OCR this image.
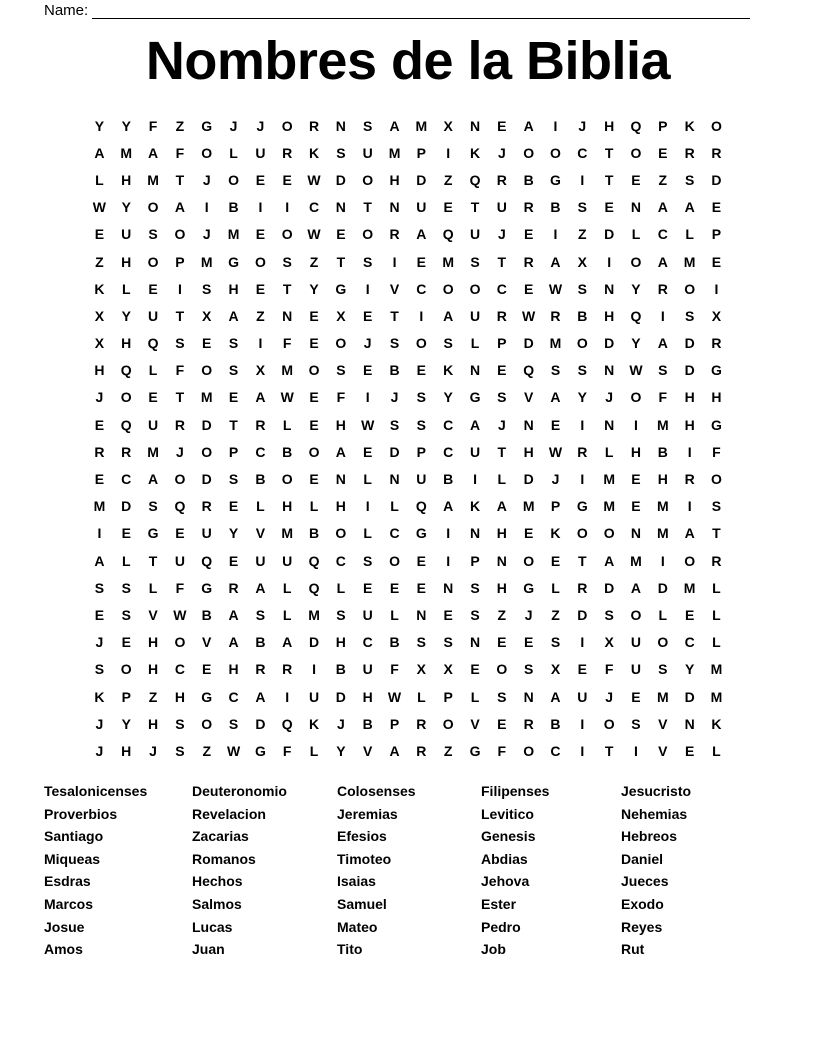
Name:
Nombres de la Biblia
Y	Y	F	Z	G	J	J	O	R	N	S	A	M	X	N	E	A	I	J	H	Q	P	K	O
A	M	A	F	O	L	U	R	K	S	U	M	P	I	K	J	O	O	C	T	O	E	R	R
L	H	M	T	J	O	E	E	W	D	O	H	D	Z	Q	R	B	G	I	T	E	Z	S	D
W	Y	O	A	I	B	I	I	C	N	T	N	U	E	T	U	R	B	S	E	N	A	A	E
E	U	S	O	J	M	E	O	W	E	O	R	A	Q	U	J	E	I	Z	D	L	C	L	P
Z	H	O	P	M	G	O	S	Z	T	S	I	E	M	S	T	R	A	X	I	O	A	M	E
K	L	E	I	S	H	E	T	Y	G	I	V	C	O	O	C	E	W	S	N	Y	R	O	I
X	Y	U	T	X	A	Z	N	E	X	E	T	I	A	U	R	W	R	B	H	Q	I	S	X
X	H	Q	S	E	S	I	F	E	O	J	S	O	S	L	P	D	M	O	D	Y	A	D	R
H	Q	L	F	O	S	X	M	O	S	E	B	E	K	N	E	Q	S	S	N	W	S	D	G
J	O	E	T	M	E	A	W	E	F	I	J	S	Y	G	S	V	A	Y	J	O	F	H	H
E	Q	U	R	D	T	R	L	E	H	W	S	S	C	A	J	N	E	I	N	I	M	H	G
R	R	M	J	O	P	C	B	O	A	E	D	P	C	U	T	H	W	R	L	H	B	I	F
E	C	A	O	D	S	B	O	E	N	L	N	U	B	I	L	D	J	I	M	E	H	R	O
M	D	S	Q	R	E	L	H	L	H	I	L	Q	A	K	A	M	P	G	M	E	M	I	S
I	E	G	E	U	Y	V	M	B	O	L	C	G	I	N	H	E	K	O	O	N	M	A	T
A	L	T	U	Q	E	U	U	Q	C	S	O	E	I	P	N	O	E	T	A	M	I	O	R
S	S	L	F	G	R	A	L	Q	L	E	E	E	N	S	H	G	L	R	D	A	D	M	L
E	S	V	W	B	A	S	L	M	S	U	L	N	E	S	Z	J	Z	D	S	O	L	E	L
J	E	H	O	V	A	B	A	D	H	C	B	S	S	N	E	E	S	I	X	U	O	C	L
S	O	H	C	E	H	R	R	I	B	U	F	X	X	E	O	S	X	E	F	U	S	Y	M
K	P	Z	H	G	C	A	I	U	D	H	W	L	P	L	S	N	A	U	J	E	M	D	M
J	Y	H	S	O	S	D	Q	K	J	B	P	R	O	V	E	R	B	I	O	S	V	N	K
J	H	J	S	Z	W	G	F	L	Y	V	A	R	Z	G	F	O	C	I	T	I	V	E	L
Tesalonicenses
Proverbios
Santiago
Miqueas
Esdras
Marcos
Josue
Amos
Deuteronomio
Revelacion
Zacarias
Romanos
Hechos
Salmos
Lucas
Juan
Colosenses
Jeremias
Efesios
Timoteo
Isaias
Samuel
Mateo
Tito
Filipenses
Levitico
Genesis
Abdias
Jehova
Ester
Pedro
Job
Jesucristo
Nehemias
Hebreos
Daniel
Jueces
Exodo
Reyes
Rut
